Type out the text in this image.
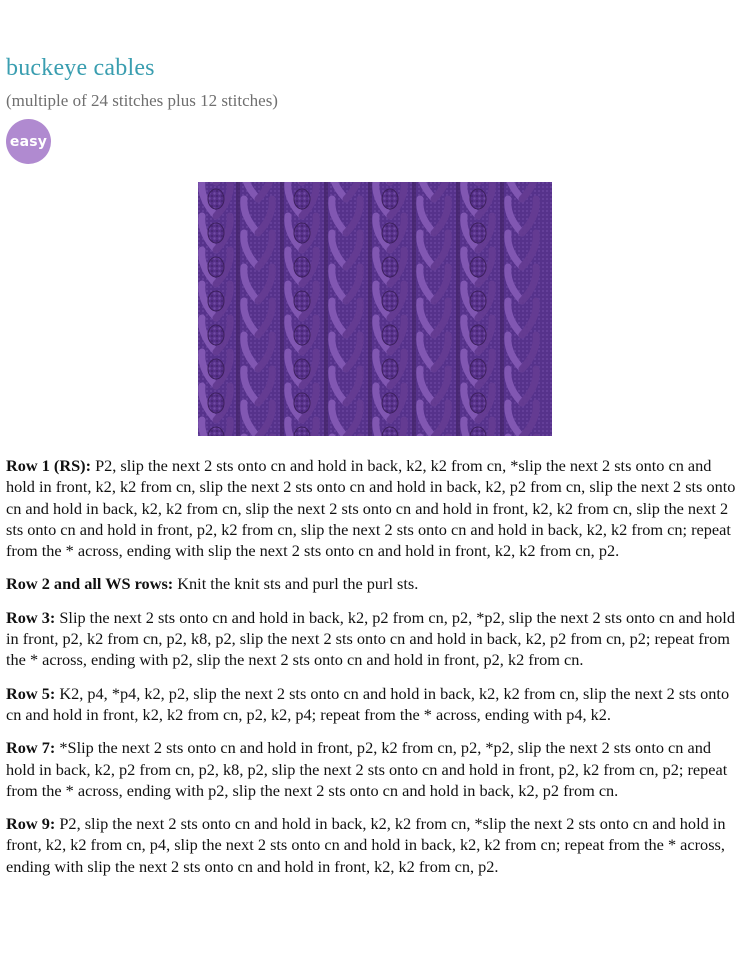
buckeye cables
(multiple of 24 stitches plus 12 stitches)
easy

Row 1 (RS): P2, slip the next 2 sts onto cn and hold in back, k2, k2 from cn, *slip the next 2 sts onto cn and hold in front, k2, k2 from cn, slip the next 2 sts onto cn and hold in back, k2, p2 from cn, slip the next 2 sts onto cn and hold in back, k2, k2 from cn, slip the next 2 sts onto cn and hold in front, k2, k2 from cn, slip the next 2 sts onto cn and hold in front, p2, k2 from cn, slip the next 2 sts onto cn and hold in back, k2, k2 from cn; repeat from the * across, ending with slip the next 2 sts onto cn and hold in front, k2, k2 from cn, p2.

Row 2 and all WS rows: Knit the knit sts and purl the purl sts.

Row 3: Slip the next 2 sts onto cn and hold in back, k2, p2 from cn, p2, *p2, slip the next 2 sts onto cn and hold in front, p2, k2 from cn, p2, k8, p2, slip the next 2 sts onto cn and hold in back, k2, p2 from cn, p2; repeat from the * across, ending with p2, slip the next 2 sts onto cn and hold in front, p2, k2 from cn.

Row 5: K2, p4, *p4, k2, p2, slip the next 2 sts onto cn and hold in back, k2, k2 from cn, slip the next 2 sts onto cn and hold in front, k2, k2 from cn, p2, k2, p4; repeat from the * across, ending with p4, k2.

Row 7: *Slip the next 2 sts onto cn and hold in front, p2, k2 from cn, p2, *p2, slip the next 2 sts onto cn and hold in back, k2, p2 from cn, p2, k8, p2, slip the next 2 sts onto cn and hold in front, p2, k2 from cn, p2; repeat from the * across, ending with p2, slip the next 2 sts onto cn and hold in back, k2, p2 from cn.

Row 9: P2, slip the next 2 sts onto cn and hold in back, k2, k2 from cn, *slip the next 2 sts onto cn and hold in front, k2, k2 from cn, p4, slip the next 2 sts onto cn and hold in back, k2, k2 from cn; repeat from the * across, ending with slip the next 2 sts onto cn and hold in front, k2, k2 from cn, p2.
